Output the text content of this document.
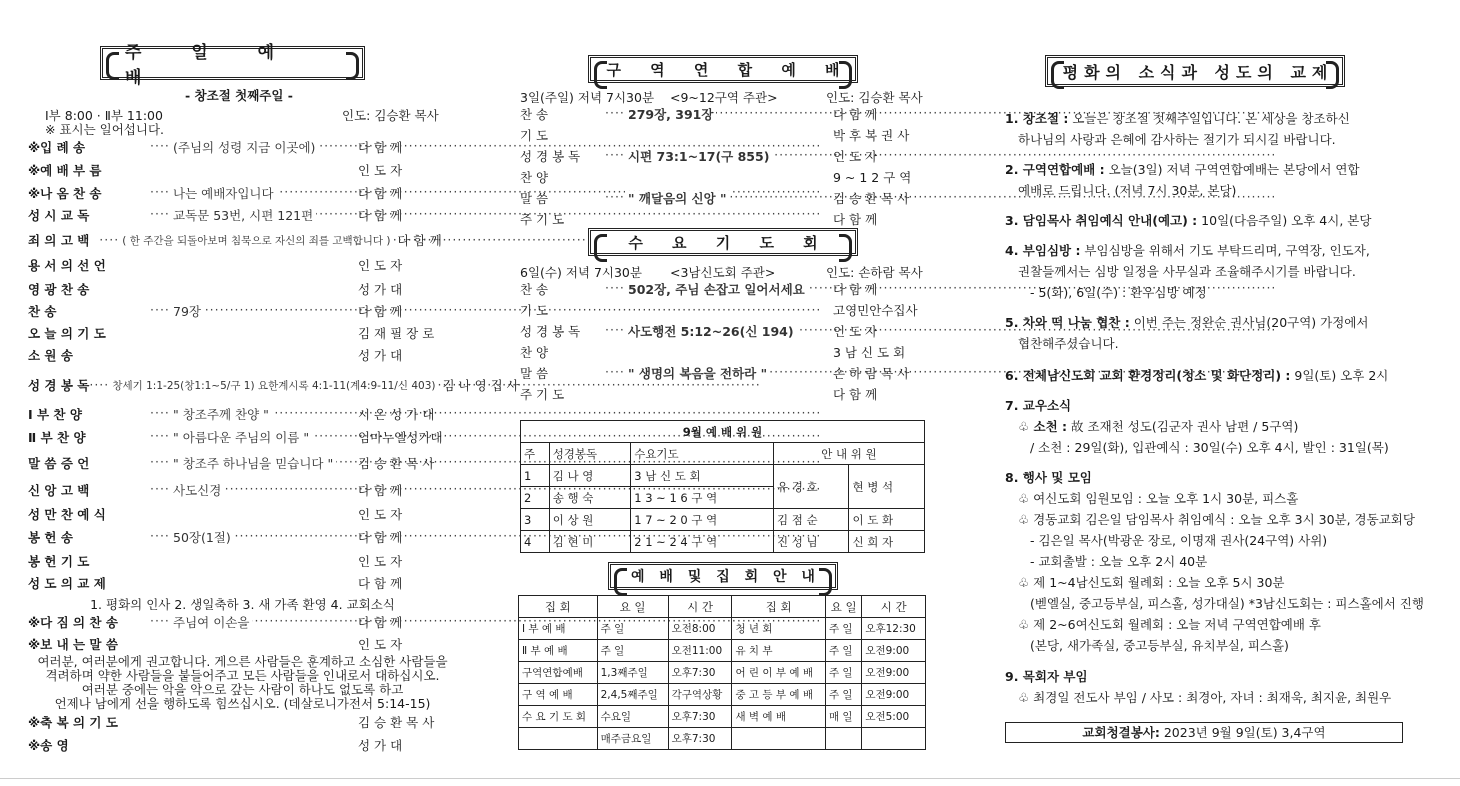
주 일 예 배
- 창조절 첫째주일 -
Ⅰ부 8:00 · Ⅱ부 11:00	인도: 김승환 목사
※ 표시는 일어섭니다.
※입 례 송	(주님의 성령 지금 이곳에) ·····	다 함 께
※예 배 부 름	인 도 자
※나 옴 찬 송	나는 예배자입니다 ·····	다 함 께
성 시 교 독	교독문 53번, 시편 121편 ·····	다 함 께
죄 의 고 백	( 한 주간을 되돌아보며 침묵으로 자신의 죄를 고백합니다 ) ····· 다 함 께
용 서 의 선 언	인 도 자
영 광 찬 송	성 가 대
찬 송	79장 ·····	다 함 께
오 늘 의 기 도	김 재 필 장 로
소 원 송	성 가 대
성 경 봉 독	창세기 1:1-25(창1:1~5/구 1) 요한계시록 4:1-11(계4:9-11/신 403) ····· 김 나 영 집 사
Ⅰ 부 찬 양	" 창조주께 찬양 " ·····	시 온 성 가 대
Ⅱ 부 찬 양	" 아름다운 주님의 이름 " ·····	임마누엘성가대
말 씀 증 언	" 창조주 하나님을 믿습니다 " ·····	김 승 환 목 사
신 앙 고 백	사도신경 ·····	다 함 께
성 만 찬 예 식	인 도 자
봉 헌 송	50장(1절) ·····	다 함 께
봉 헌 기 도	인 도 자
성 도 의 교 제	다 함 께
1. 평화의 인사 2. 생일축하 3. 새 가족 환영 4. 교회소식
※다 짐 의 찬 송	주님여 이손을 ·····	다 함 께
※보 내 는 말 씀	인 도 자
여러분, 여러분에게 권고합니다. 게으른 사람들은 훈계하고 소심한 사람들을
격려하며 약한 사람들을 붙들어주고 모든 사람들을 인내로서 대하십시오.
여러분 중에는 악을 악으로 갚는 사람이 하나도 없도록 하고
언제나 남에게 선을 행하도록 힘쓰십시오. (데살로니가전서 5:14-15)
※축 복 의 기 도	김 승 환 목 사
※송 영	성 가 대
구 역 연 합 예 배
3일(주일) 저녁 7시30분 <9~12구역 주관>	인도: 김승환 목사
찬 송	279장, 391장 ·····	다 함 께
기 도	박 후 복 권 사
성 경 봉 독	시편 73:1~17(구 855) ·····	인 도 자
찬 양	9 ~ 1 2 구 역
말 씀	" 깨달음의 신앙 " ·····	김 승 환 목 사
주 기 도	다 함 께
수 요 기 도 회
6일(수) 저녁 7시30분 <3남신도회 주관>	인도: 손하람 목사
찬 송	502장, 주님 손잡고 일어서세요 ·····	다 함 께
기 도	고영민안수집사
성 경 봉 독	사도행전 5:12~26(신 194) ·····	인 도 자
찬 양	3 남 신 도 회
말 씀	" 생명의 복음을 전하라 " ·····	손 하 람 목 사
주 기 도	다 함 께
9월 예 배 위 원				
주	성경봉독	수요기도	안 내 위 원	
1	김 나 영	3 남 신 도 회	유 경 호	현 병 석
2	송 행 숙	1 3 ~ 1 6 구 역		
3	이 상 원	1 7 ~ 2 0 구 역	김 점 순	이 도 화
4	김 현 미	2 1 ~ 2 4 구 역	진 성 님	신 희 자
예 배 및 집 회 안 내
집 회	요 일	시 간	집 회	요 일	시 간
Ⅰ 부 예 배	주 일	오전8:00	청 년 회	주 일	오후12:30
Ⅱ 부 예 배	주 일	오전11:00	유 치 부	주 일	오전9:00
구역연합예배	1,3째주일	오후7:30	어 린 이 부 예 배	주 일	오전9:00
구 역 예 배	2,4,5째주일	각구역상황	중 고 등 부 예 배	주 일	오전9:00
수 요 기 도 회	수요일	오후7:30	새 벽 예 배	매 일	오전5:00
	매주금요일	오후7:30			
평화의 소식과 성도의 교제
1. 창조절 : 오늘은 창조절 첫째주일입니다. 온 세상을 창조하신
하나님의 사랑과 은혜에 감사하는 절기가 되시길 바랍니다.
2. 구역연합예배 : 오늘(3일) 저녁 구역연합예배는 본당에서 연합
예배로 드립니다. (저녁 7시 30분, 본당)
3. 담임목사 취임예식 안내(예고) : 10일(다음주일) 오후 4시, 본당
4. 부임심방 : 부임심방을 위해서 기도 부탁드리며, 구역장, 인도자,
권찰들께서는 심방 일정을 사무실과 조율해주시기를 바랍니다.
- 5(화), 6일(수) : 환우심방 예정
5. 차와 떡 나눔 협찬 : 이번 주는 정완순 권사님(20구역) 가정에서
협찬해주셨습니다.
6. 전체남신도회 교회 환경정리(청소 및 화단정리) : 9일(토) 오후 2시
7. 교우소식
♧ 소천 : 故 조재천 성도(김군자 권사 남편 / 5구역)
/ 소천 : 29일(화), 입관예식 : 30일(수) 오후 4시, 발인 : 31일(목)
8. 행사 및 모임
♧ 여신도회 임원모임 : 오늘 오후 1시 30분, 피스홀
♧ 경동교회 김은일 담임목사 취임예식 : 오늘 오후 3시 30분, 경동교회당
- 김은일 목사(박광운 장로, 이명재 권사(24구역) 사위)
- 교회출발 : 오늘 오후 2시 40분
♧ 제 1~4남신도회 월례회 : 오늘 오후 5시 30분
(벧엘실, 중고등부실, 피스홀, 성가대실) *3남신도회는 : 피스홀에서 진행
♧ 제 2~6여신도회 월례회 : 오늘 저녁 구역연합예배 후
(본당, 새가족실, 중고등부실, 유치부실, 피스홀)
9. 목회자 부임
♧ 최경일 전도사 부임 / 사모 : 최경아, 자녀 : 최재욱, 최지윤, 최원우
교회청결봉사: 2023년 9월 9일(토) 3,4구역
